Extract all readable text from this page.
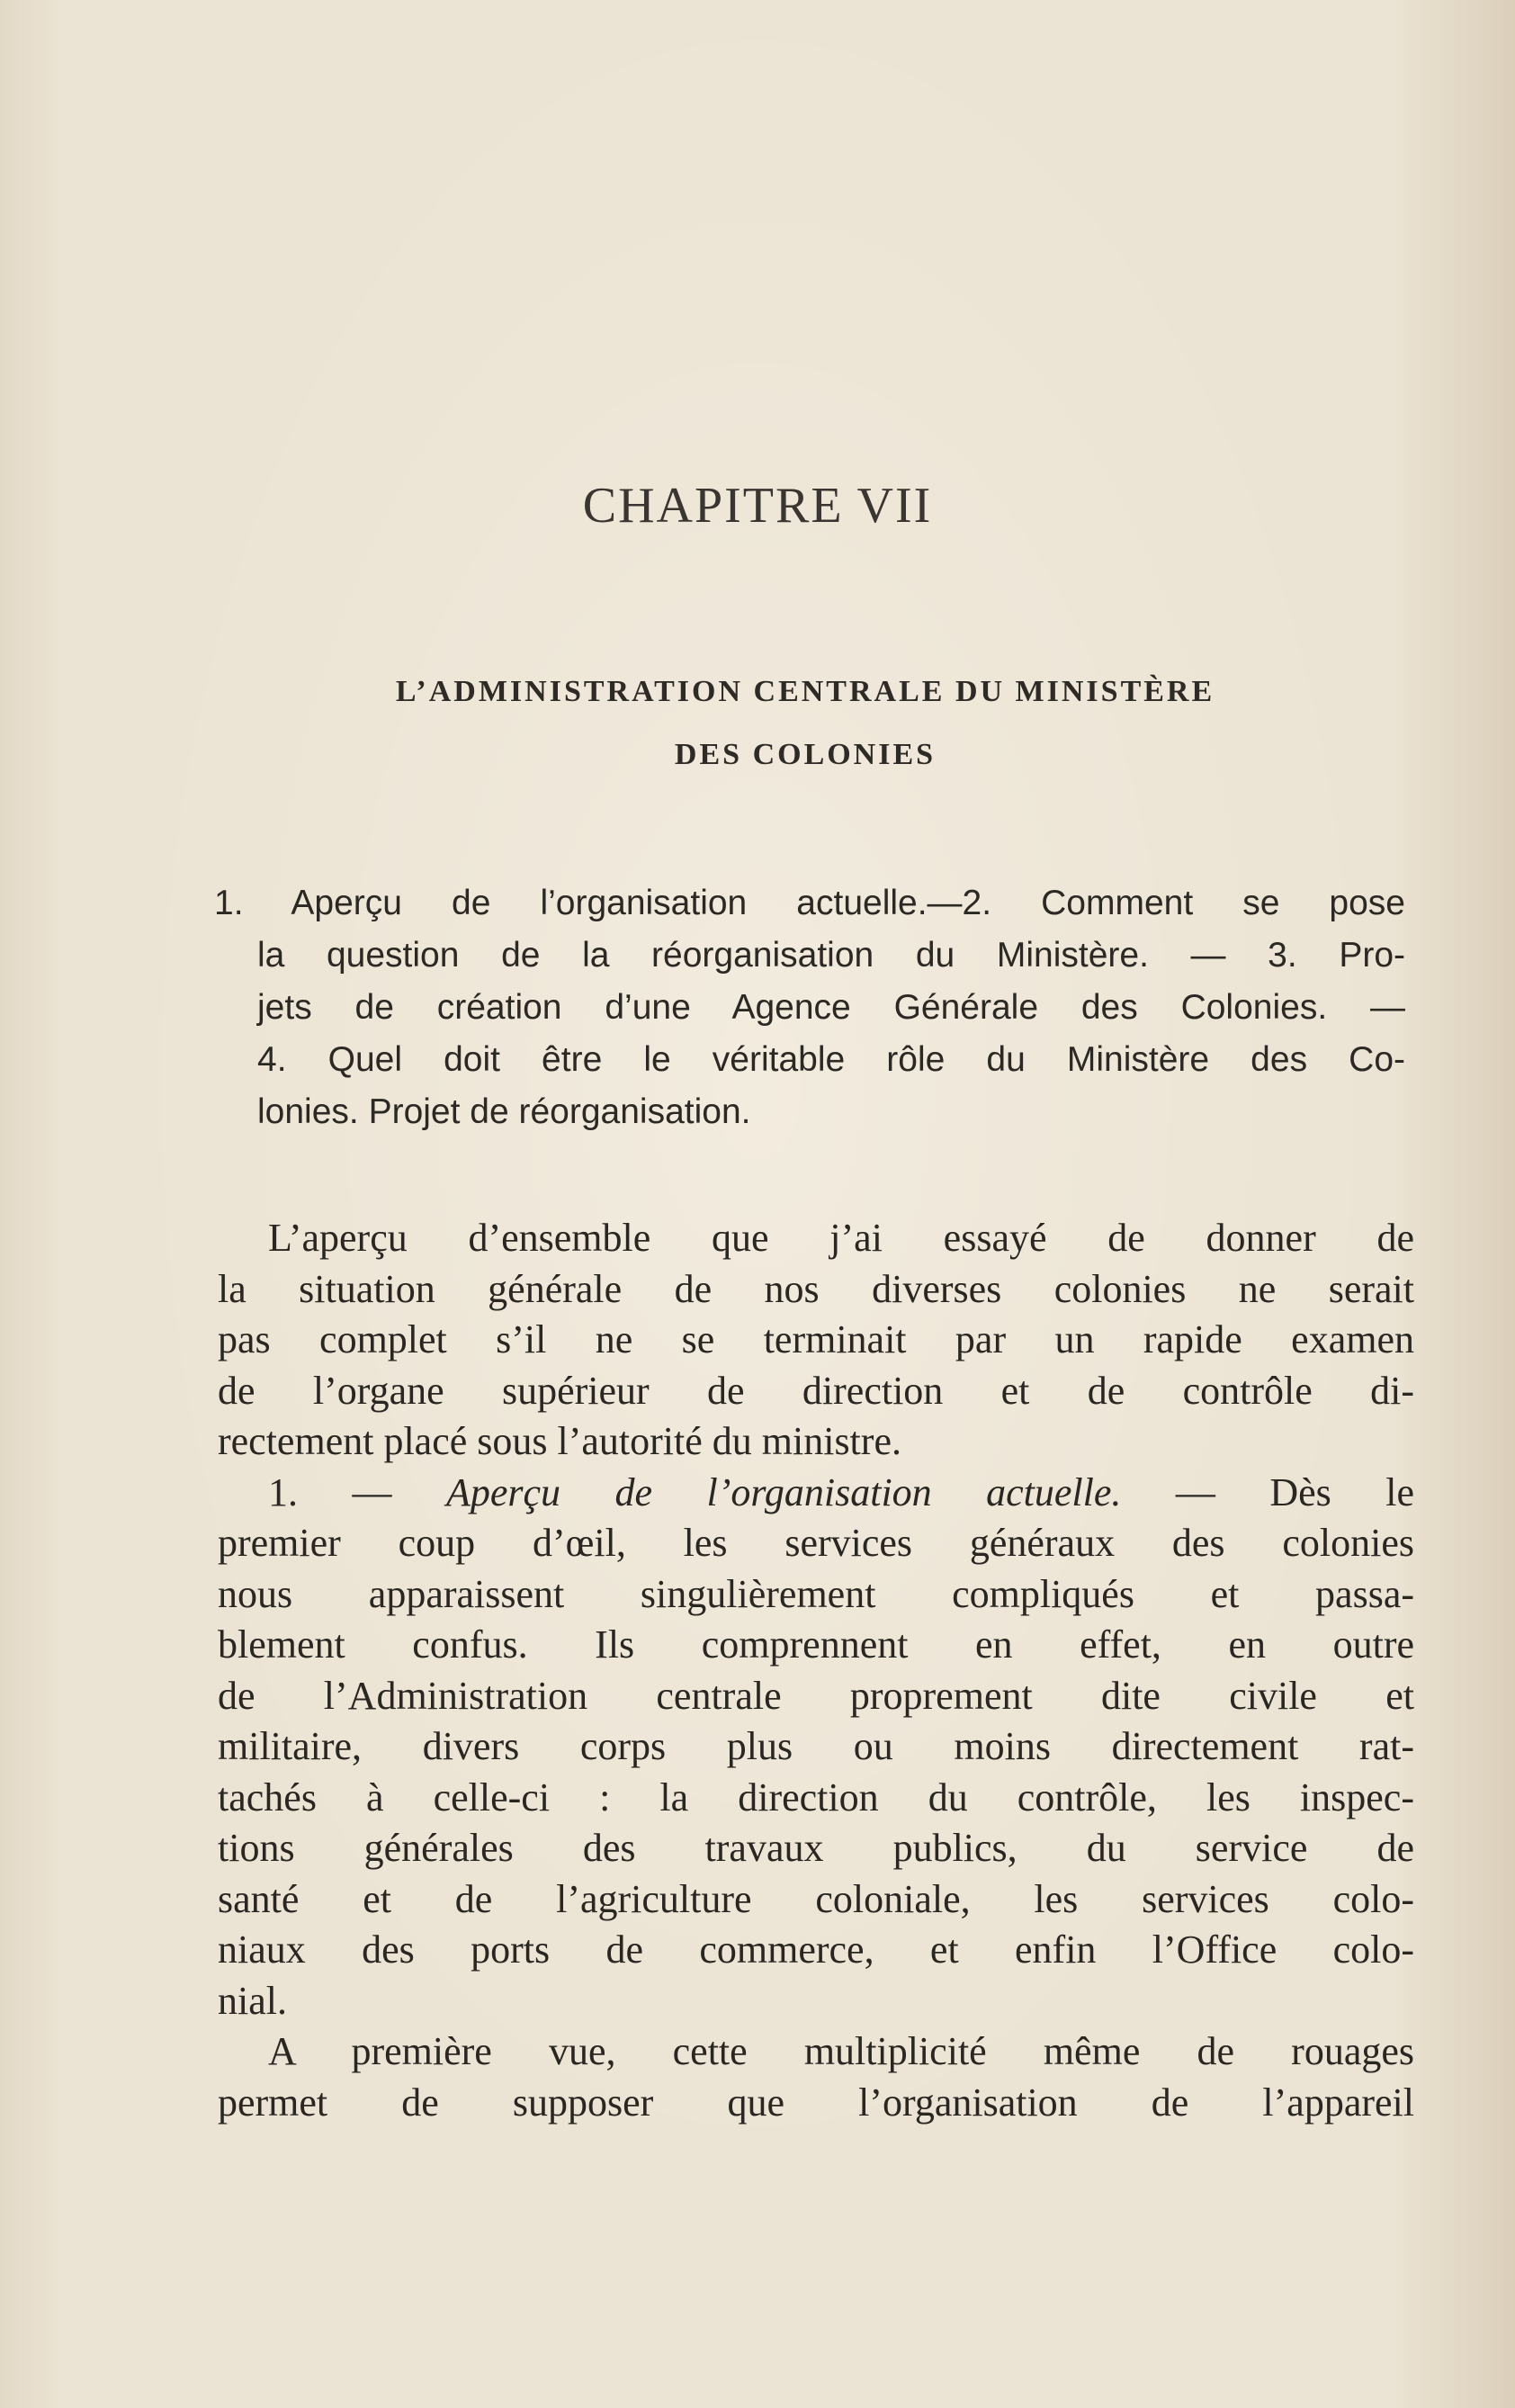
CHAPITRE VII
L’ADMINISTRATION CENTRALE DU MINISTÈRE
DES COLONIES
1. Aperçu de l’organisation actuelle.—2. Comment se pose
la question de la réorganisation du Ministère. — 3. Pro-
jets de création d’une Agence Générale des Colonies. —
4. Quel doit être le véritable rôle du Ministère des Co-
lonies. Projet de réorganisation.
L’aperçu d’ensemble que j’ai essayé de donner de
la situation générale de nos diverses colonies ne serait
pas complet s’il ne se terminait par un rapide examen
de l’organe supérieur de direction et de contrôle di-
rectement placé sous l’autorité du ministre.
1. — Aperçu de l’organisation actuelle. — Dès le
premier coup d’œil, les services généraux des colonies
nous apparaissent singulièrement compliqués et passa-
blement confus. Ils comprennent en effet, en outre
de l’Administration centrale proprement dite civile et
militaire, divers corps plus ou moins directement rat-
tachés à celle-ci : la direction du contrôle, les inspec-
tions générales des travaux publics, du service de
santé et de l’agriculture coloniale, les services colo-
niaux des ports de commerce, et enfin l’Office colo-
nial.
A première vue, cette multiplicité même de rouages
permet de supposer que l’organisation de l’appareil
